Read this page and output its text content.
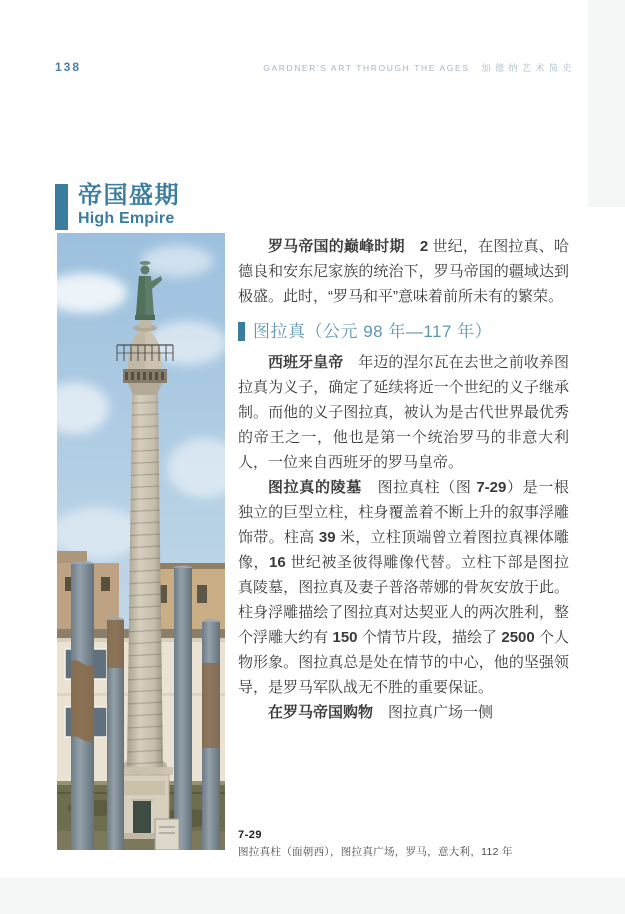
138	GARDNER'S ART THROUGH THE AGES 加德纳艺术简史
帝国盛期
High Empire

罗马帝国的巅峰时期　 2 世纪，在图拉真、哈德良和安东尼家族的统治下，罗马帝国的疆域达到极盛。此时，“罗马和平”意味着前所未有的繁荣。

图拉真（公元 98 年—117 年）

西班牙皇帝　年迈的涅尔瓦在去世之前收养图拉真为义子，确定了延续将近一个世纪的义子继承制。而他的义子图拉真，被认为是古代世界最优秀的帝王之一，他也是第一个统治罗马的非意大利人，一位来自西班牙的罗马皇帝。

图拉真的陵墓　图拉真柱（图 7-29）是一根独立的巨型立柱，柱身覆盖着不断上升的叙事浮雕饰带。柱高 39 米，立柱顶端曾立着图拉真裸体雕像，16 世纪被圣彼得雕像代替。立柱下部是图拉真陵墓，图拉真及妻子普洛蒂娜的骨灰安放于此。柱身浮雕描绘了图拉真对达契亚人的两次胜利，整个浮雕大约有 150 个情节片段，描绘了 2500 个人物形象。图拉真总是处在情节的中心，他的坚强领导，是罗马军队战无不胜的重要保证。

在罗马帝国购物　图拉真广场一侧

7-29
图拉真柱（面朝西），图拉真广场，罗马，意大利，112 年
